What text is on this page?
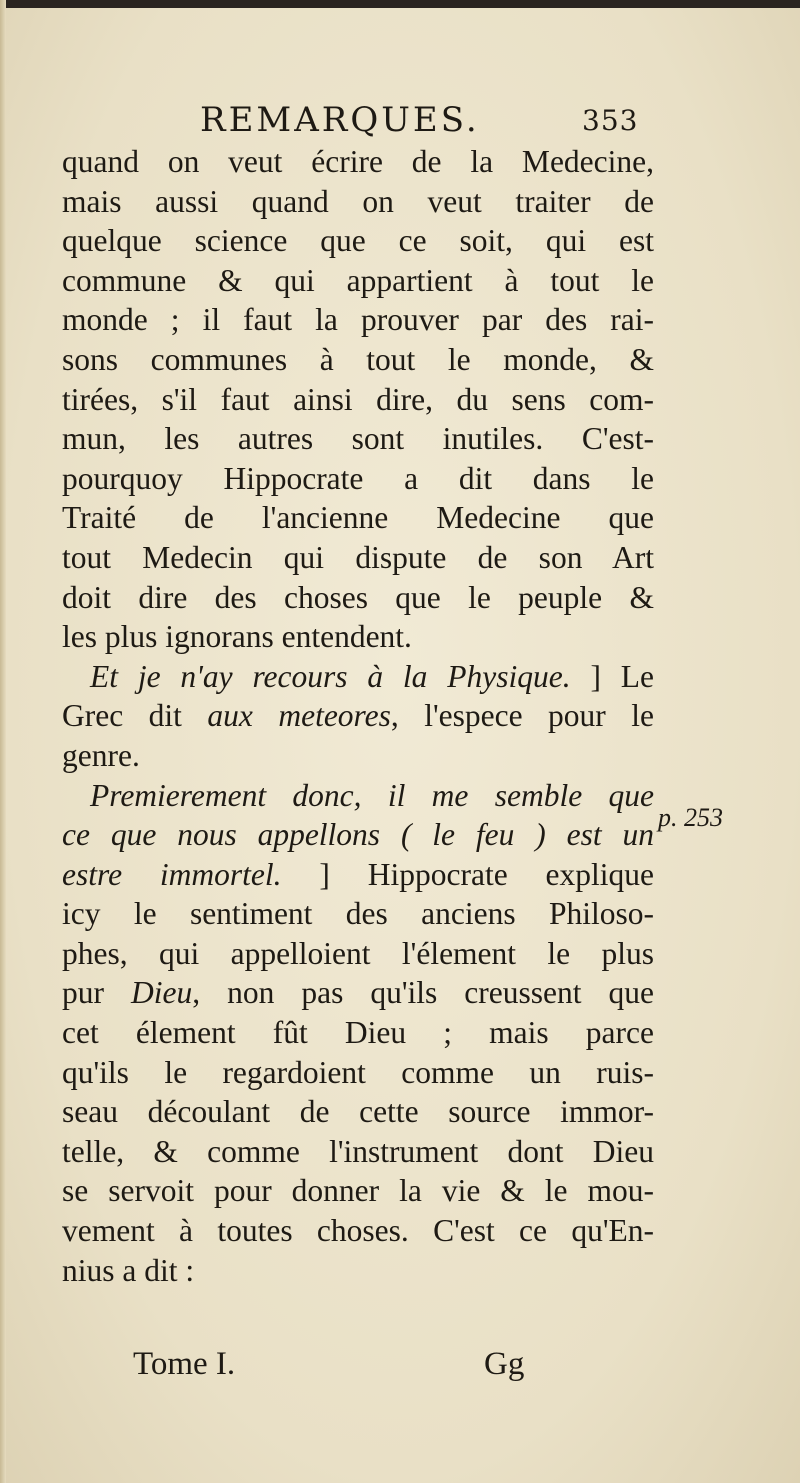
REMARQUES.	353
quand on veut écrire de la Medecine,
mais aussi quand on veut traiter de
quelque science que ce soit, qui est
commune & qui appartient à tout le
monde ; il faut la prouver par des rai-
sons communes à tout le monde, &
tirées, s'il faut ainsi dire, du sens com-
mun, les autres sont inutiles. C'est-
pourquoy Hippocrate a dit dans le
Traité de l'ancienne Medecine que
tout Medecin qui dispute de son Art
doit dire des choses que le peuple &
les plus ignorans entendent.
Et je n'ay recours à la Physique. ] Le
Grec dit aux meteores, l'espece pour le
genre.
Premierement donc, il me semble que
ce que nous appellons ( le feu ) est un
estre immortel. ] Hippocrate explique
icy le sentiment des anciens Philoso-
phes, qui appelloient l'élement le plus
pur Dieu, non pas qu'ils creussent que
cet élement fût Dieu ; mais parce
qu'ils le regardoient comme un ruis-
seau découlant de cette source immor-
telle, & comme l'instrument dont Dieu
se servoit pour donner la vie & le mou-
vement à toutes choses. C'est ce qu'En-
nius a dit :
p. 253
Tome I.	Gg
